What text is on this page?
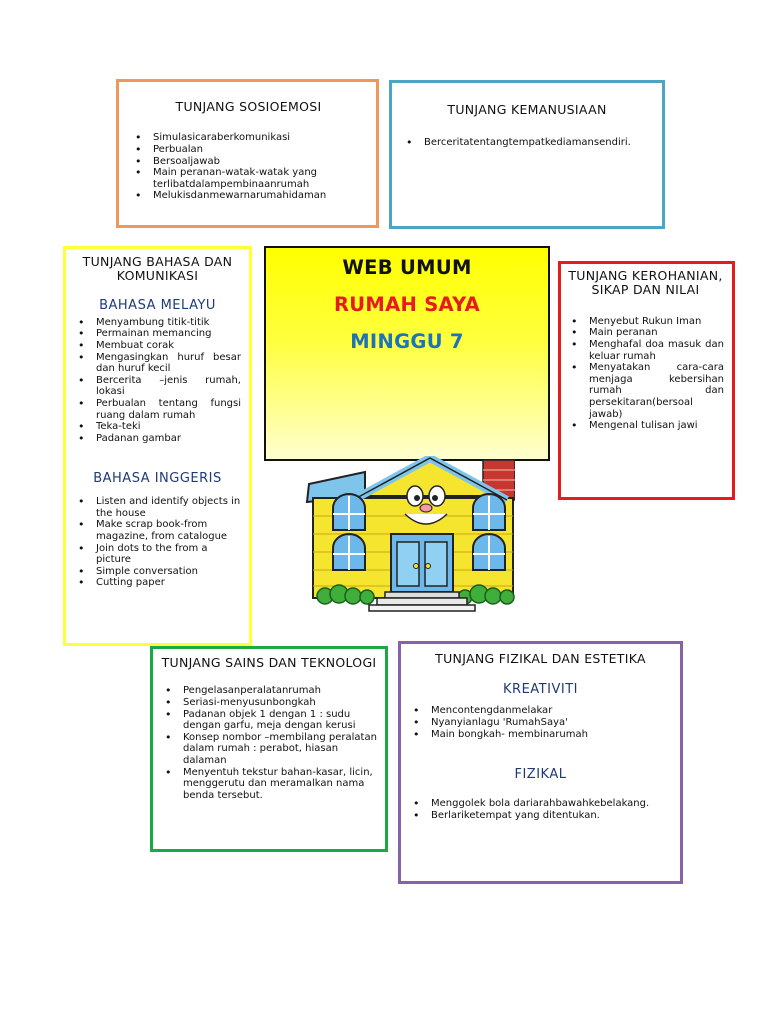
TUNJANG SOSIOEMOSI
• Simulasicaraberkomunikasi
• Perbualan
• Bersoaljawab
• Main peranan-watak-watak yang terlibatdalampembinaanrumah
• Melukisdanmewarnarumahidaman
TUNJANG KEMANUSIAAN
• Berceritatentangtempatkediamansendiri.
TUNJANG BAHASA DAN KOMUNIKASI
BAHASA MELAYU
• Menyambung titik-titik
• Permainan memancing
• Membuat corak
• Mengasingkan huruf besar dan huruf kecil
• Bercerita –jenis rumah, lokasi
• Perbualan tentang fungsi ruang dalam rumah
• Teka-teki
• Padanan gambar
BAHASA INGGERIS
• Listen and identify objects in the house
• Make scrap book-from magazine, from catalogue
• Join dots to the from a picture
• Simple conversation
• Cutting paper

WEB UMUM

RUMAH SAYA

MINGGU 7

TUNJANG KEROHANIAN, SIKAP DAN NILAI
• Menyebut Rukun Iman
• Main peranan
• Menghafal doa masuk dan keluar rumah
• Menyatakan cara-cara menjaga kebersihan rumah dan persekitaran(bersoal jawab)
• Mengenal tulisan jawi
TUNJANG SAINS DAN TEKNOLOGI
• Pengelasanperalatanrumah
• Seriasi-menyusunbongkah
• Padanan objek 1 dengan 1 : sudu dengan garfu, meja dengan kerusi
• Konsep nombor –membilang peralatan dalam rumah : perabot, hiasan dalaman
• Menyentuh tekstur bahan-kasar, licin, menggerutu dan meramalkan nama benda tersebut.
TUNJANG FIZIKAL DAN ESTETIKA
KREATIVITI
• Mencontengdanmelakar
• Nyanyianlagu 'RumahSaya'
• Main bongkah- membinarumah
FIZIKAL
• Menggolek bola dariarahbawahkebelakang.
• Berlariketempat yang ditentukan.
